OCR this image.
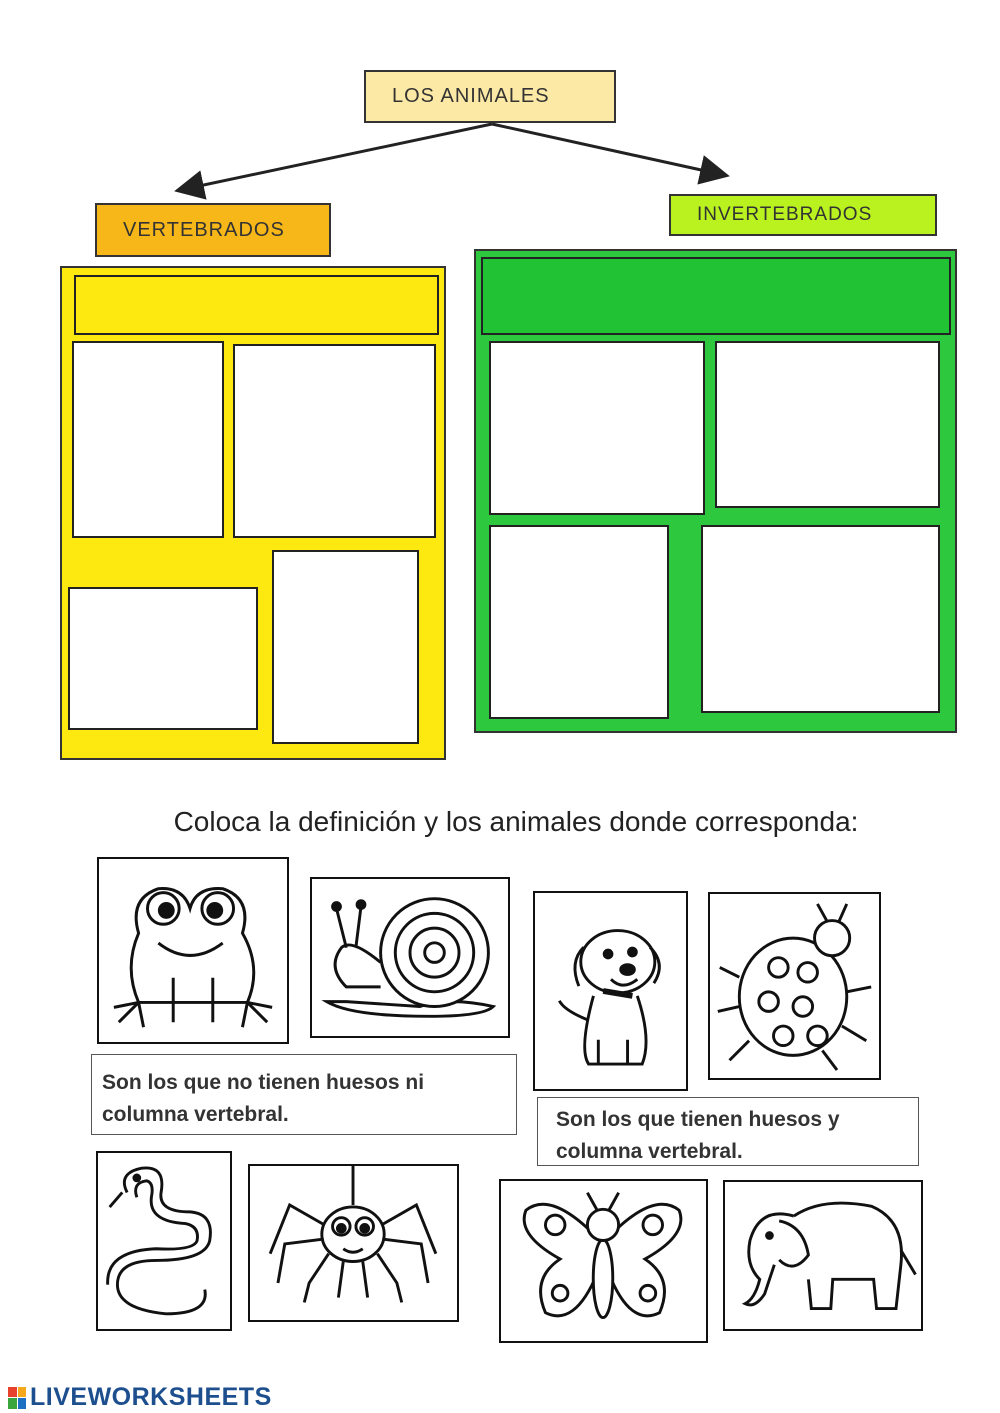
LOS ANIMALES
VERTEBRADOS
INVERTEBRADOS
Coloca la definición y los animales donde corresponda:
Son los que no tienen huesos ni columna vertebral.	Son los que tienen huesos y columna vertebral.
LIVEWORKSHEETS
